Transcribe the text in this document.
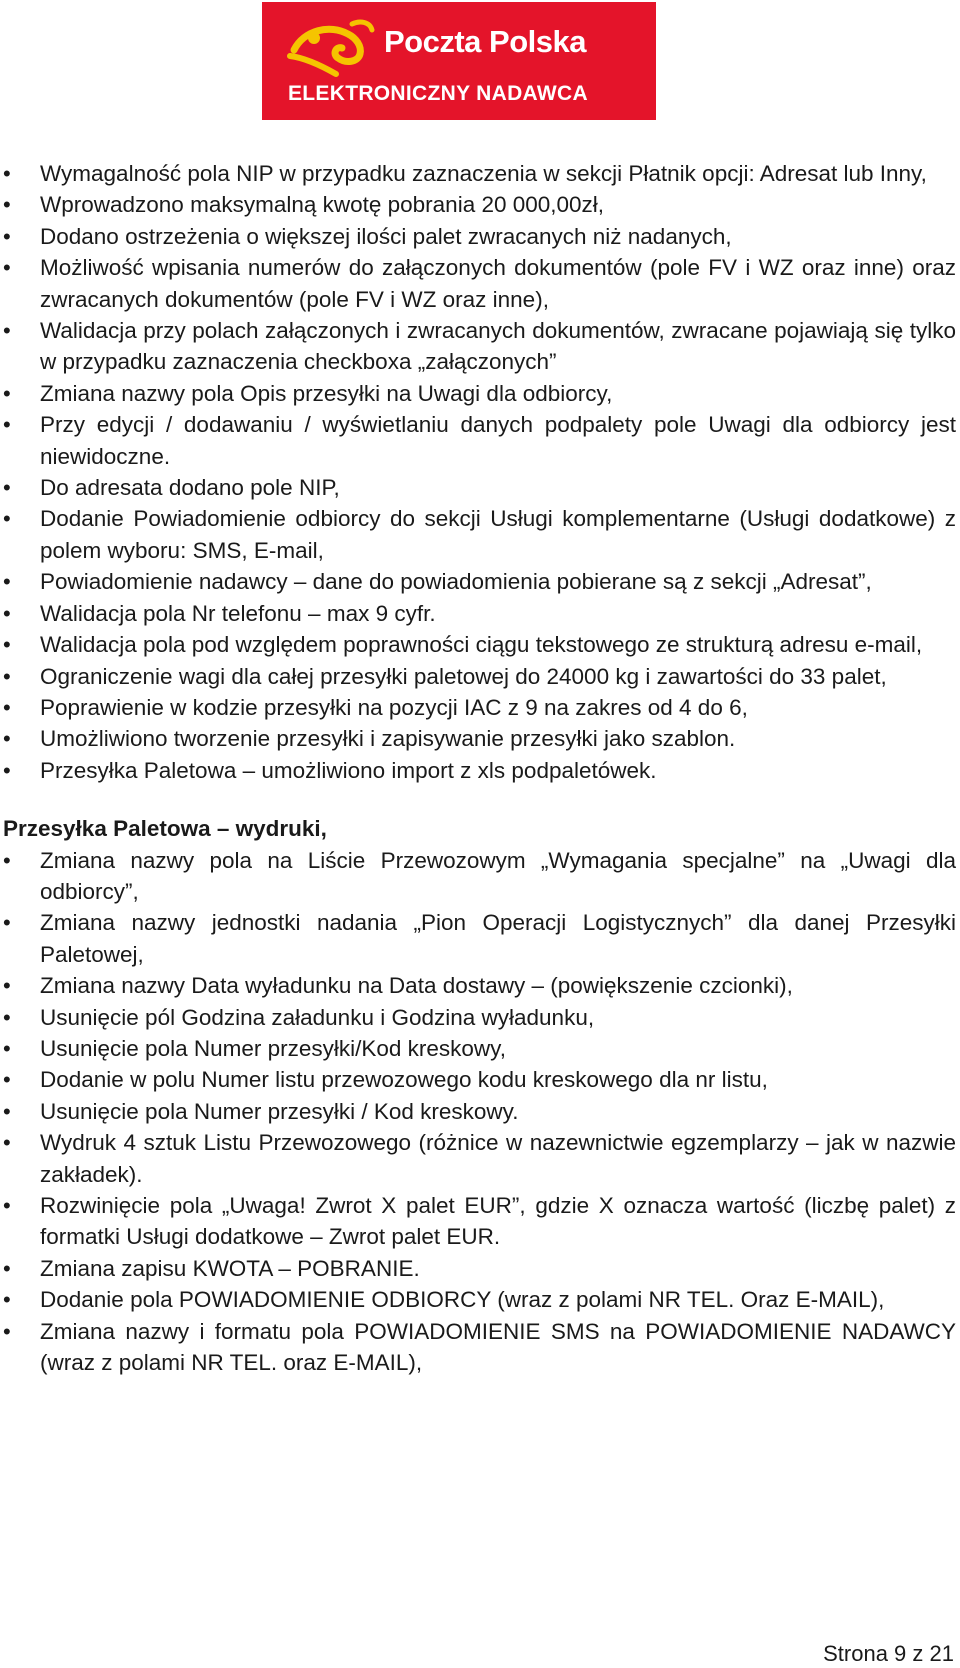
Poczta Polska
ELEKTRONICZNY NADAWCA
• Wymagalność pola NIP w przypadku zaznaczenia w sekcji Płatnik opcji: Adresat lub Inny,
• Wprowadzono maksymalną kwotę pobrania 20 000,00zł,
• Dodano ostrzeżenia o większej ilości palet zwracanych niż nadanych,
• Możliwość wpisania numerów do załączonych dokumentów (pole FV i WZ oraz inne) oraz zwracanych dokumentów (pole FV i WZ oraz inne),
• Walidacja przy polach załączonych i zwracanych dokumentów, zwracane pojawiają się tylko w przypadku zaznaczenia checkboxa „załączonych”
• Zmiana nazwy pola Opis przesyłki na Uwagi dla odbiorcy,
• Przy edycji / dodawaniu / wyświetlaniu danych podpalety pole Uwagi dla odbiorcy jest niewidoczne.
• Do adresata dodano pole NIP,
• Dodanie Powiadomienie odbiorcy do sekcji Usługi komplementarne (Usługi dodatkowe) z polem wyboru: SMS, E-mail,
• Powiadomienie nadawcy – dane do powiadomienia pobierane są z sekcji „Adresat”,
• Walidacja pola Nr telefonu – max 9 cyfr.
• Walidacja pola pod względem poprawności ciągu tekstowego ze strukturą adresu e-mail,
• Ograniczenie wagi dla całej przesyłki paletowej do 24000 kg i zawartości do 33 palet,
• Poprawienie w kodzie przesyłki na pozycji IAC z 9 na zakres od 4 do 6,
• Umożliwiono tworzenie przesyłki i zapisywanie przesyłki jako szablon.
• Przesyłka Paletowa – umożliwiono import z xls podpaletówek.
Przesyłka Paletowa – wydruki,
• Zmiana nazwy pola na Liście Przewozowym „Wymagania specjalne” na „Uwagi dla odbiorcy”,
• Zmiana nazwy jednostki nadania „Pion Operacji Logistycznych” dla danej Przesyłki Paletowej,
• Zmiana nazwy Data wyładunku na Data dostawy – (powiększenie czcionki),
• Usunięcie pól Godzina załadunku i Godzina wyładunku,
• Usunięcie pola Numer przesyłki/Kod kreskowy,
• Dodanie w polu Numer listu przewozowego kodu kreskowego dla nr listu,
• Usunięcie pola Numer przesyłki / Kod kreskowy.
• Wydruk 4 sztuk Listu Przewozowego (różnice w nazewnictwie egzemplarzy – jak w nazwie zakładek).
• Rozwinięcie pola „Uwaga! Zwrot X palet EUR”, gdzie X oznacza wartość (liczbę palet) z formatki Usługi dodatkowe – Zwrot palet EUR.
• Zmiana zapisu KWOTA – POBRANIE.
• Dodanie pola POWIADOMIENIE ODBIORCY (wraz z polami NR TEL. Oraz E-MAIL),
• Zmiana nazwy i formatu pola POWIADOMIENIE SMS na POWIADOMIENIE NADAWCY (wraz z polami NR TEL. oraz E-MAIL),
Strona 9 z 21
